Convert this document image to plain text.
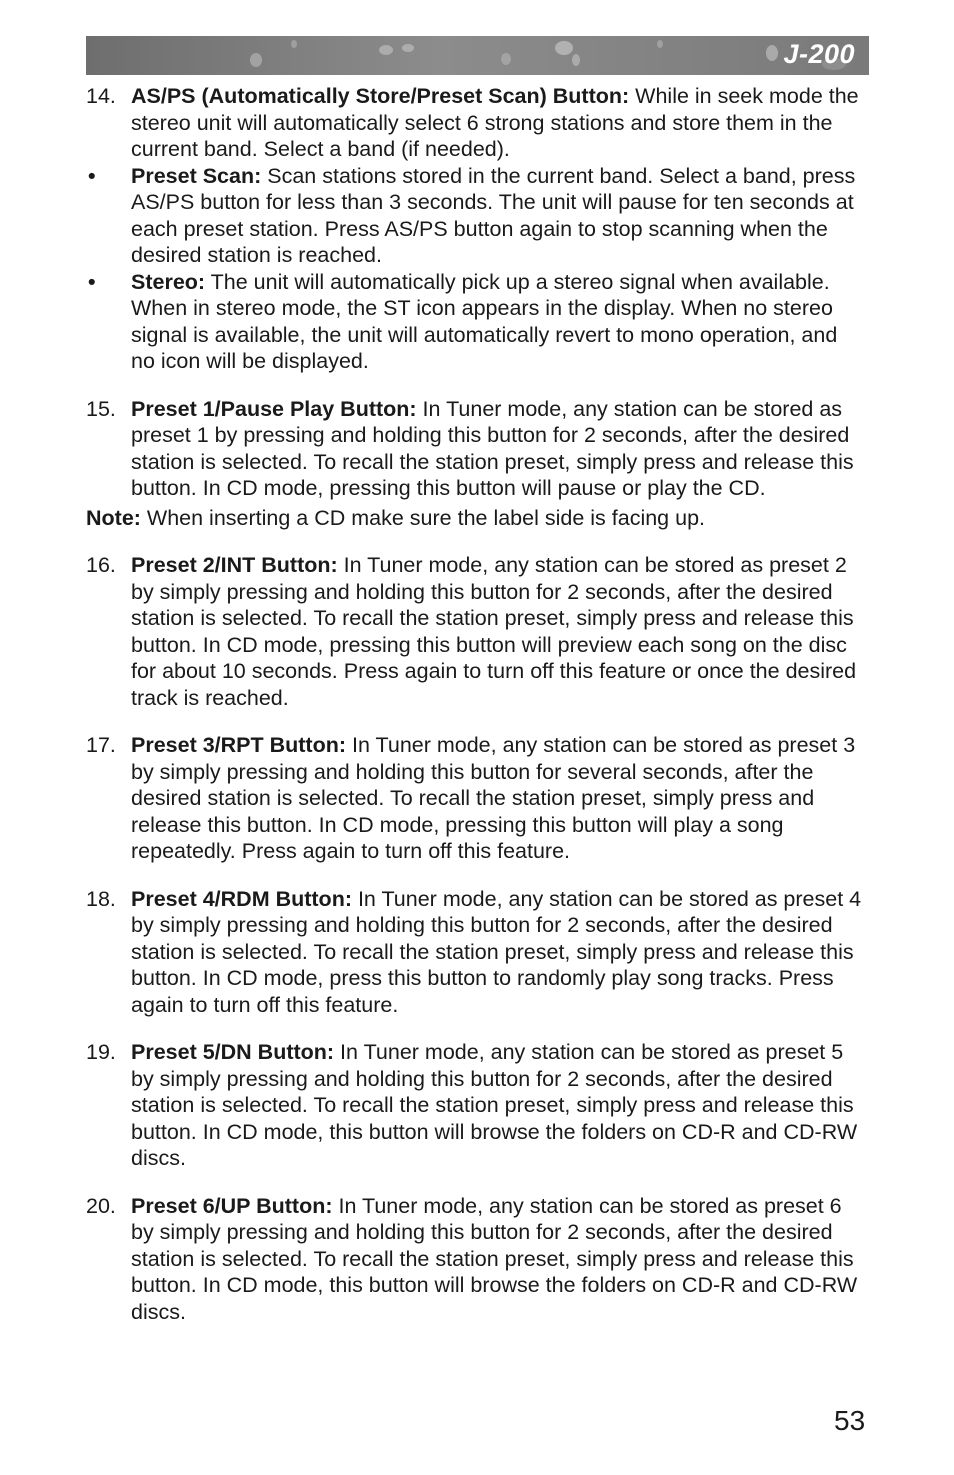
J-200
14. AS/PS (Automatically Store/Preset Scan) Button: While in seek mode the stereo unit will automatically select 6 strong stations and store them in the current band. Select a band (if needed).
• Preset Scan: Scan stations stored in the current band. Select a band, press AS/PS button for less than 3 seconds. The unit will pause for ten seconds at each preset station. Press AS/PS button again to stop scanning when the desired station is reached.
• Stereo: The unit will automatically pick up a stereo signal when available. When in stereo mode, the ST icon appears in the display. When no stereo signal is available, the unit will automatically revert to mono operation, and no icon will be displayed.
15. Preset 1/Pause Play Button: In Tuner mode, any station can be stored as preset 1 by pressing and holding this button for 2 seconds, after the desired station is selected. To recall the station preset, simply press and release this button. In CD mode, pressing this button will pause or play the CD.
Note: When inserting a CD make sure the label side is facing up.
16. Preset 2/INT Button: In Tuner mode, any station can be stored as preset 2 by simply pressing and holding this button for 2 seconds, after the desired station is selected. To recall the station preset, simply press and release this button. In CD mode, pressing this button will preview each song on the disc for about 10 seconds. Press again to turn off this feature or once the desired track is reached.
17. Preset 3/RPT Button: In Tuner mode, any station can be stored as preset 3 by simply pressing and holding this button for several seconds, after the desired station is selected. To recall the station preset, simply press and release this button. In CD mode, pressing this button will play a song repeatedly. Press again to turn off this feature.
18. Preset 4/RDM Button: In Tuner mode, any station can be stored as preset 4 by simply pressing and holding this button for 2 seconds, after the desired station is selected. To recall the station preset, simply press and release this button. In CD mode, press this button to randomly play song tracks. Press again to turn off this feature.
19. Preset 5/DN Button: In Tuner mode, any station can be stored as preset 5 by simply pressing and holding this button for 2 seconds, after the desired station is selected. To recall the station preset, simply press and release this button. In CD mode, this button will browse the folders on CD-R and CD-RW discs.
20. Preset 6/UP Button: In Tuner mode, any station can be stored as preset 6 by simply pressing and holding this button for 2 seconds, after the desired station is selected. To recall the station preset, simply press and release this button. In CD mode, this button will browse the folders on CD-R and CD-RW discs.
53
